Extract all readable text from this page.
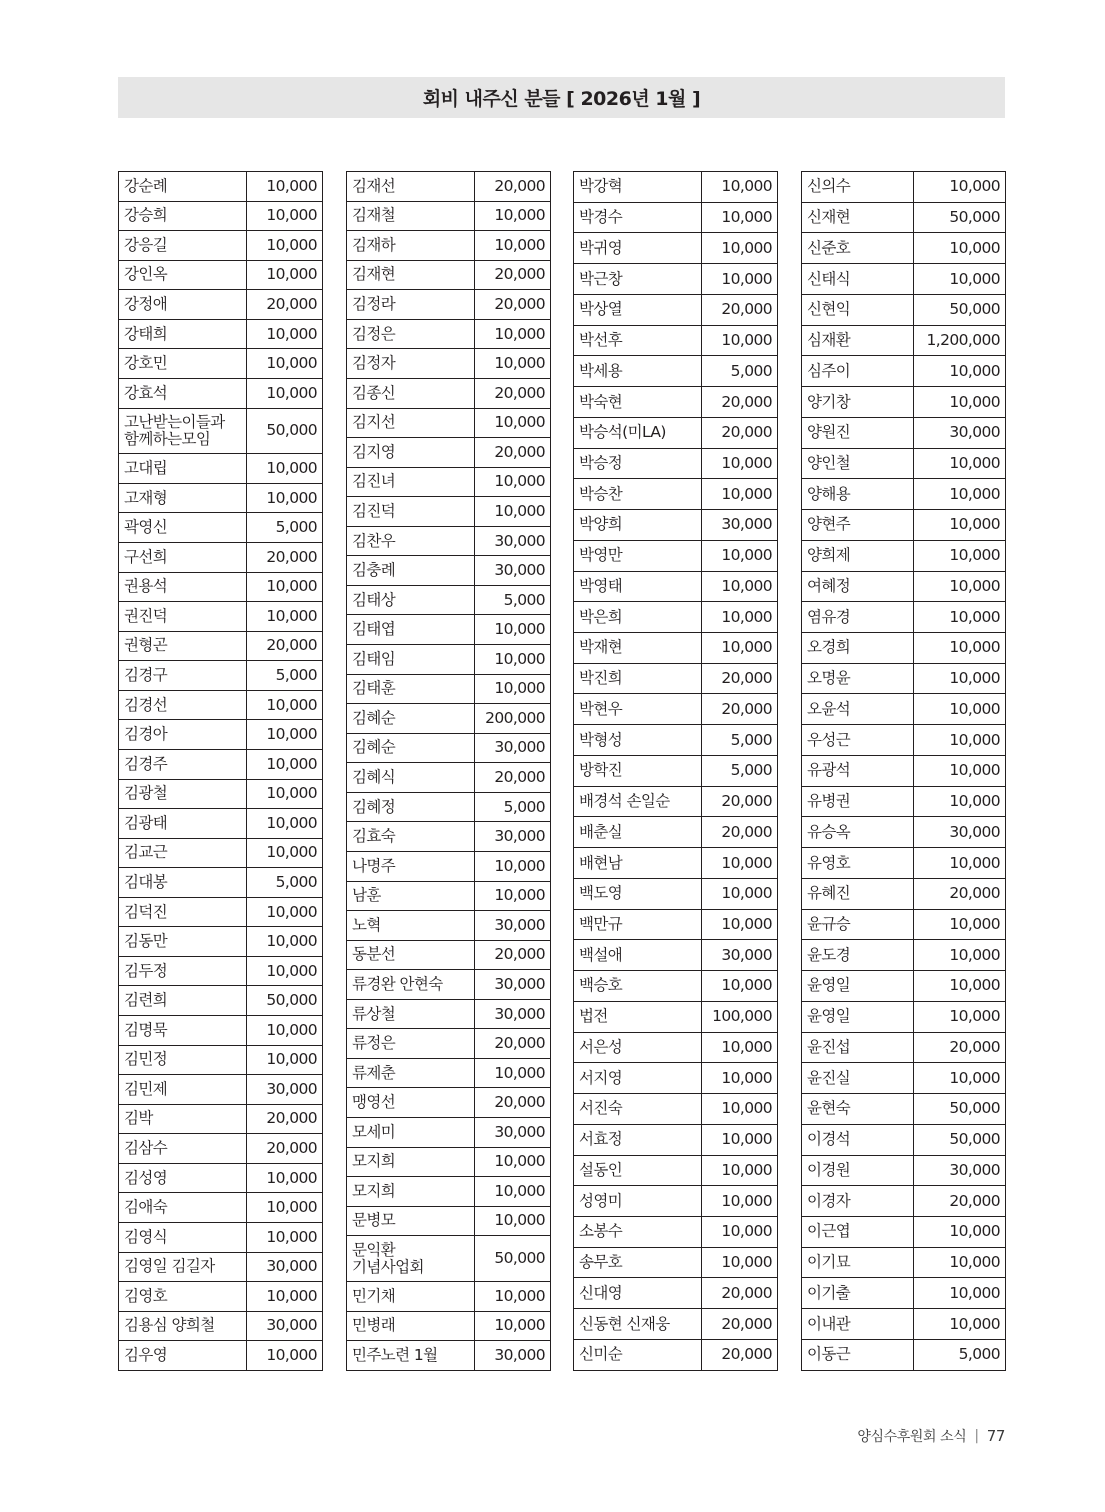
회비 내주신 분들 [ 2026년 1월 ]
강순례	10,000
강승희	10,000
강응길	10,000
강인옥	10,000
강정애	20,000
강태희	10,000
강호민	10,000
강효석	10,000
고난받는이들과
함께하는모임	50,000
고대립	10,000
고재형	10,000
곽영신	5,000
구선희	20,000
권용석	10,000
권진덕	10,000
권형곤	20,000
김경구	5,000
김경선	10,000
김경아	10,000
김경주	10,000
김광철	10,000
김광태	10,000
김교근	10,000
김대봉	5,000
김덕진	10,000
김동만	10,000
김두정	10,000
김련희	50,000
김명묵	10,000
김민정	10,000
김민제	30,000
김박	20,000
김삼수	20,000
김성영	10,000
김애숙	10,000
김영식	10,000
김영일 김길자	30,000
김영호	10,000
김용심 양희철	30,000
김우영	10,000
김재선	20,000
김재철	10,000
김재하	10,000
김재현	20,000
김정라	20,000
김정은	10,000
김정자	10,000
김종신	20,000
김지선	10,000
김지영	20,000
김진녀	10,000
김진덕	10,000
김찬우	30,000
김충례	30,000
김태상	5,000
김태엽	10,000
김태임	10,000
김태훈	10,000
김혜순	200,000
김혜순	30,000
김혜식	20,000
김혜정	5,000
김효숙	30,000
나명주	10,000
남훈	10,000
노혁	30,000
동분선	20,000
류경완 안현숙	30,000
류상철	30,000
류정은	20,000
류제춘	10,000
맹영선	20,000
모세미	30,000
모지희	10,000
모지희	10,000
문병모	10,000
문익환
기념사업회	50,000
민기채	10,000
민병래	10,000
민주노련 1월	30,000
박강혁	10,000
박경수	10,000
박귀영	10,000
박근창	10,000
박상열	20,000
박선후	10,000
박세용	5,000
박숙현	20,000
박승석(미LA)	20,000
박승정	10,000
박승찬	10,000
박양희	30,000
박영만	10,000
박영태	10,000
박은희	10,000
박재현	10,000
박진희	20,000
박현우	20,000
박형성	5,000
방학진	5,000
배경석 손일순	20,000
배춘실	20,000
배현남	10,000
백도영	10,000
백만규	10,000
백설애	30,000
백승호	10,000
법전	100,000
서은성	10,000
서지영	10,000
서진숙	10,000
서효정	10,000
설동인	10,000
성영미	10,000
소봉수	10,000
송무호	10,000
신대영	20,000
신동현 신재웅	20,000
신미순	20,000
신의수	10,000
신재현	50,000
신준호	10,000
신태식	10,000
신현익	50,000
심재환	1,200,000
심주이	10,000
양기창	10,000
양원진	30,000
양인철	10,000
양해용	10,000
양현주	10,000
양희제	10,000
여혜정	10,000
염유경	10,000
오경희	10,000
오명윤	10,000
오윤석	10,000
우성근	10,000
유광석	10,000
유병권	10,000
유승옥	30,000
유영호	10,000
유혜진	20,000
윤규승	10,000
윤도경	10,000
윤영일	10,000
윤영일	10,000
윤진섭	20,000
윤진실	10,000
윤현숙	50,000
이경석	50,000
이경원	30,000
이경자	20,000
이근엽	10,000
이기묘	10,000
이기출	10,000
이내관	10,000
이동근	5,000
양심수후원회 소식 | 77
